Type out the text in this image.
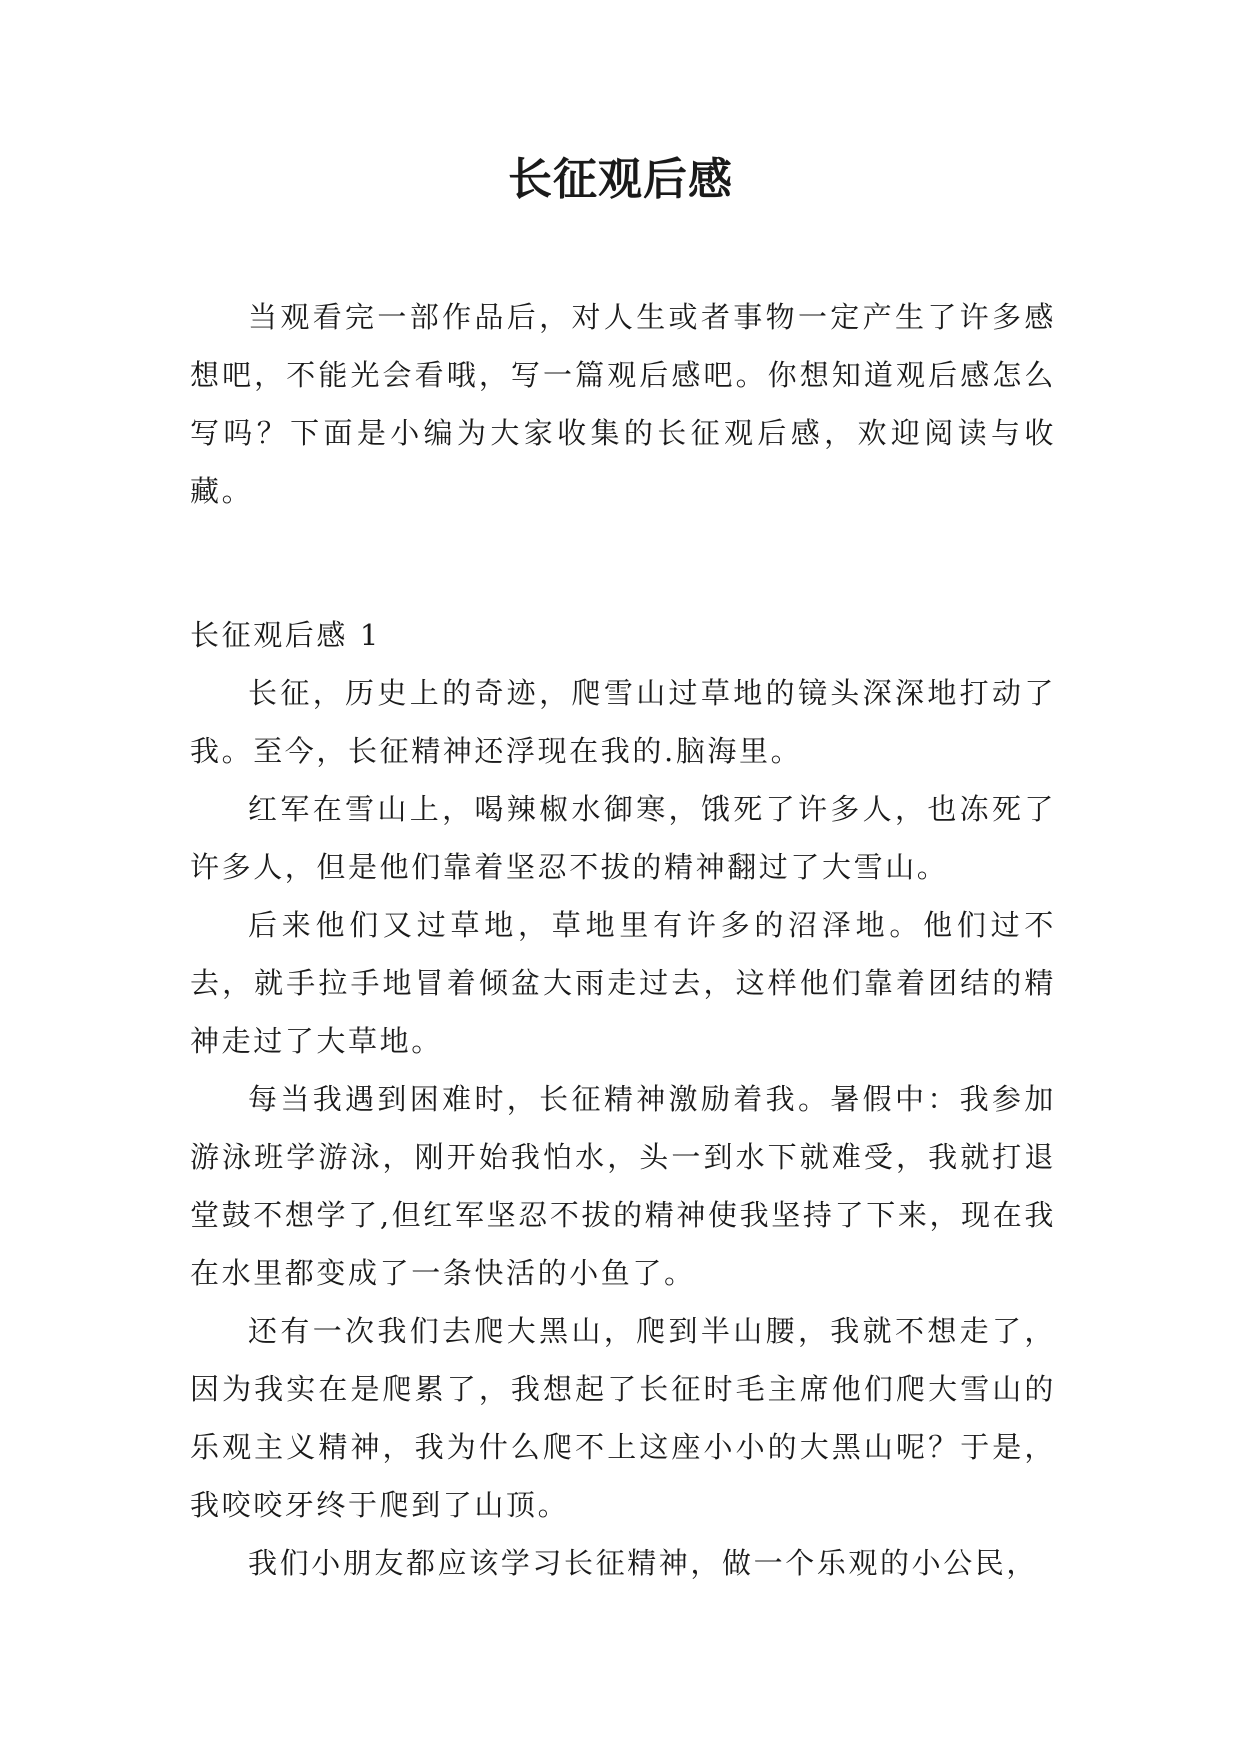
长征观后感

当观看完一部作品后，对人生或者事物一定产生了许多感想吧，不能光会看哦，写一篇观后感吧。你想知道观后感怎么写吗？下面是小编为大家收集的长征观后感，欢迎阅读与收藏。

长征观后感 1

长征，历史上的奇迹，爬雪山过草地的镜头深深地打动了我。至今，长征精神还浮现在我的.脑海里。

红军在雪山上，喝辣椒水御寒，饿死了许多人，也冻死了许多人，但是他们靠着坚忍不拔的精神翻过了大雪山。

后来他们又过草地，草地里有许多的沼泽地。他们过不去，就手拉手地冒着倾盆大雨走过去，这样他们靠着团结的精神走过了大草地。

每当我遇到困难时，长征精神激励着我。暑假中：我参加游泳班学游泳，刚开始我怕水，头一到水下就难受，我就打退堂鼓不想学了,但红军坚忍不拔的精神使我坚持了下来，现在我在水里都变成了一条快活的小鱼了。

还有一次我们去爬大黑山，爬到半山腰，我就不想走了，因为我实在是爬累了，我想起了长征时毛主席他们爬大雪山的乐观主义精神，我为什么爬不上这座小小的大黑山呢？于是，我咬咬牙终于爬到了山顶。

我们小朋友都应该学习长征精神，做一个乐观的小公民，
